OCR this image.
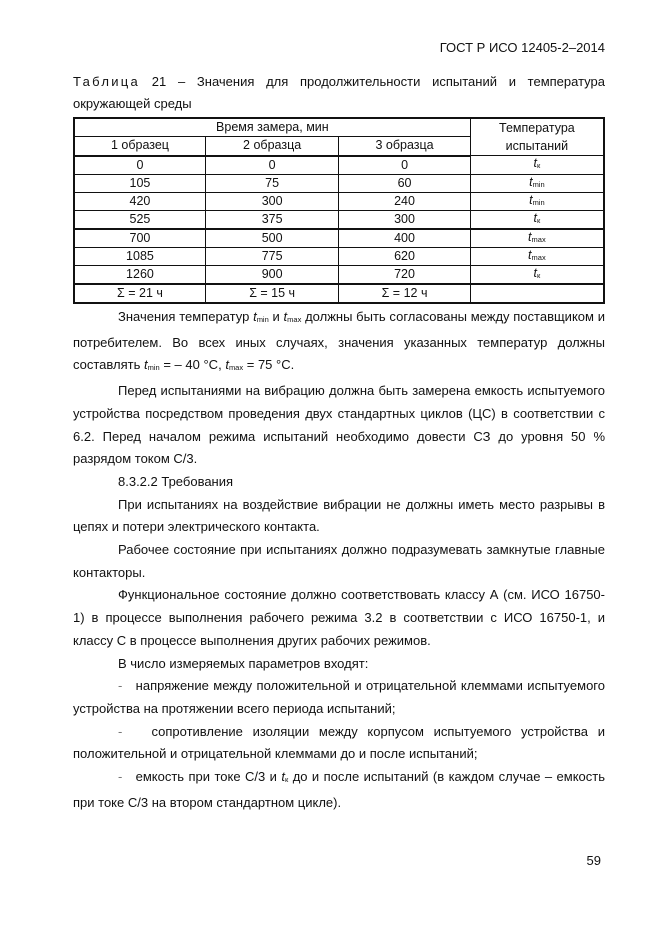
ГОСТ Р ИСО 12405-2–2014
Таблица 21 – Значения для продолжительности испытаний и температура окружающей среды
Время замера, мин			Температура испытаний
1 образец	2 образца	3 образца	
0	0	0	$t_к$
105	75	60	$t_{min}$
420	300	240	$t_{min}$
525	375	300	$t_к$
700	500	400	$t_{max}$
1085	775	620	$t_{max}$
1260	900	720	$t_к$
Σ = 21 ч	Σ = 15 ч	Σ = 12 ч	

Значения температур $t_{min}$ и $t_{max}$ должны быть согласованы между поставщиком и потребителем. Во всех иных случаях, значения указанных температур должны составлять $t_{min}$ = – 40 °C, $t_{max} = 75$ °C.

Перед испытаниями на вибрацию должна быть замерена емкость испытуемого устройства посредством проведения двух стандартных циклов (ЦС) в соответствии с 6.2. Перед началом режима испытаний необходимо довести СЗ до уровня 50 % разрядом током С/3.

8.3.2.2 Требования

При испытаниях на воздействие вибрации не должны иметь место разрывы в цепях и потери электрического контакта.

Рабочее состояние при испытаниях должно подразумевать замкнутые главные контакторы.

Функциональное состояние должно соответствовать классу А (см. ИСО 16750-1) в процессе выполнения рабочего режима 3.2 в соответствии с ИСО 16750-1, и классу С в процессе выполнения других рабочих режимов.

В число измеряемых параметров входят:

- напряжение между положительной и отрицательной клеммами испытуемого устройства на протяжении всего периода испытаний;

- сопротивление изоляции между корпусом испытуемого устройства и положительной и отрицательной клеммами до и после испытаний;

- емкость при токе С/3 и $t_к$ до и после испытаний (в каждом случае – емкость при токе С/3 на втором стандартном цикле).

59
